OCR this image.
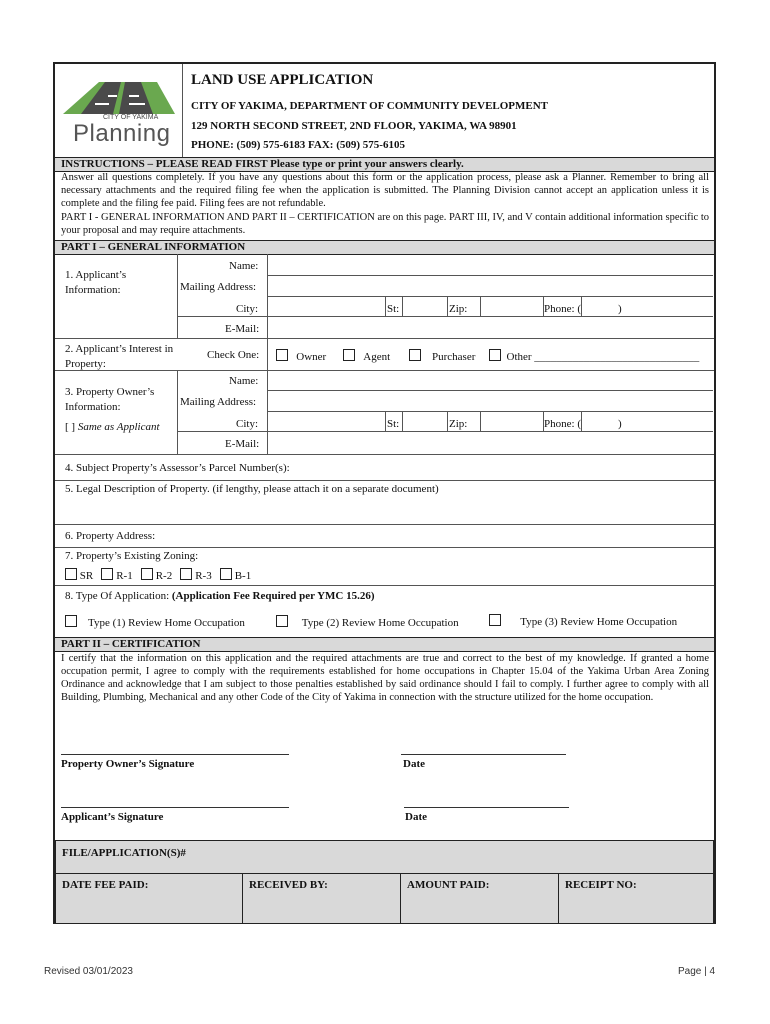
CITY OF YAKIMA
Planning
LAND USE APPLICATION
CITY OF YAKIMA, DEPARTMENT OF COMMUNITY DEVELOPMENT
129 NORTH SECOND STREET, 2ND FLOOR, YAKIMA, WA 98901
PHONE: (509) 575-6183 FAX: (509) 575-6105
INSTRUCTIONS – PLEASE READ FIRST Please type or print your answers clearly.
Answer all questions completely. If you have any questions about this form or the application process, please ask a Planner. Remember to bring all necessary attachments and the required filing fee when the application is submitted. The Planning Division cannot accept an application unless it is complete and the filing fee paid. Filing fees are not refundable.
PART I - GENERAL INFORMATION AND PART II – CERTIFICATION are on this page. PART III, IV, and V contain additional information specific to your proposal and may require attachments.
PART I – GENERAL INFORMATION
1. Applicant’s Information:
Name:
Mailing Address:
City:	St:	Zip:	Phone: (	)
E-Mail:
2. Applicant’s Interest in Property:
Check One:	Owner	Agent	Purchaser	Other ______________________________
3. Property Owner’s Information:
[ ] Same as Applicant
Name:
Mailing Address:
City:	St:	Zip:	Phone: (	)
E-Mail:
4. Subject Property’s Assessor’s Parcel Number(s):
5. Legal Description of Property. (if lengthy, please attach it on a separate document)
6. Property Address:
7. Property’s Existing Zoning:
SR R-1 R-2 R-3 B-1
8. Type Of Application: (Application Fee Required per YMC 15.26)
Type (1) Review Home Occupation	Type (2) Review Home Occupation	Type (3) Review Home Occupation
PART II – CERTIFICATION
I certify that the information on this application and the required attachments are true and correct to the best of my knowledge. If granted a home occupation permit, I agree to comply with the requirements established for home occupations in Chapter 15.04 of the Yakima Urban Area Zoning Ordinance and acknowledge that I am subject to those penalties established by said ordinance should I fail to comply. I further agree to comply with all Building, Plumbing, Mechanical and any other Code of the City of Yakima in connection with the structure utilized for the home occupation.
Property Owner’s Signature	Date
Applicant’s Signature	Date
FILE/APPLICATION(S)#
DATE FEE PAID:	RECEIVED BY:	AMOUNT PAID:	RECEIPT NO:
Revised 03/01/2023	Page | 4
